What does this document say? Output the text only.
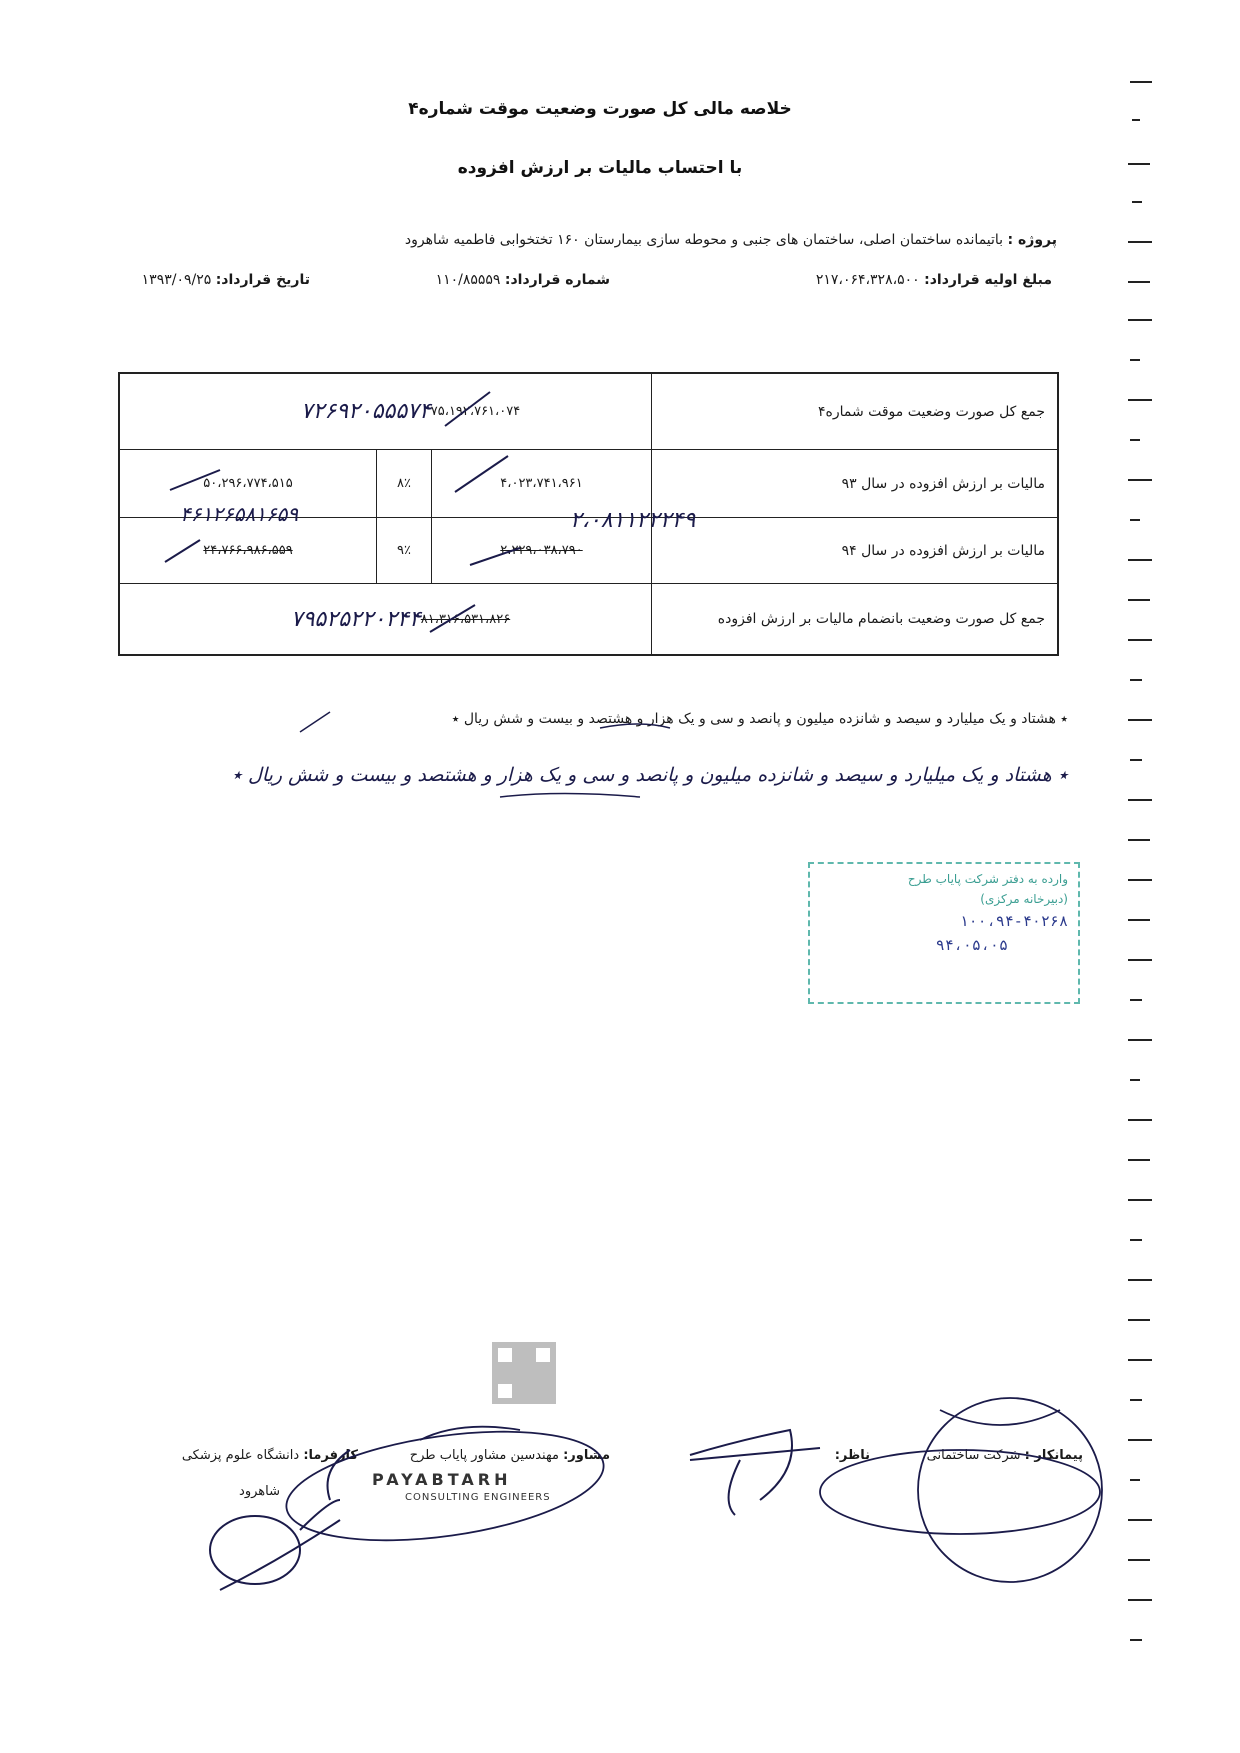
خلاصه مالی کل صورت وضعیت موقت شماره۴
با احتساب مالیات بر ارزش افزوده
پروژه : باتیمانده ساختمان اصلی، ساختمان های جنبی و محوطه سازی بیمارستان ۱۶۰ تختخوابی فاطمیه شاهرود
مبلغ اولیه قرارداد: ۲۱۷،۰۶۴،۳۲۸،۵۰۰
شماره قرارداد: ۱۱۰/۸۵۵۵۹
تاریخ قرارداد: ۱۳۹۳/۰۹/۲۵
جمع کل صورت وضعیت موقت شماره۴
۷۲۶۹۲۰۵۵۵۷۴ ۷۵،۱۹۲،۷۶۱،۰۷۴
مالیات بر ارزش افزوده در سال ۹۳
۴،۰۲۳،۷۴۱،۹۶۱
۸٪
۵۰،۲۹۶،۷۷۴،۵۱۵
مالیات بر ارزش افزوده در سال ۹۴
۲،۲۲۹،۰۳۸،۷۹۰
۹٪
۲۴،۷۶۶،۹۸۶،۵۵۹
۴۶۱۲۶۵۸۱۶۵۹	۲،۰۸۱۱۲۲۲۴۹
جمع کل صورت وضعیت بانضمام مالیات بر ارزش افزوده
۷۹۵۲۵۲۲۰۲۴۴ ۸۱،۳۱۶،۵۳۱،۸۲۶
٭ هشتاد و یک میلیارد و سیصد و شانزده میلیون و پانصد و سی و یک هزار و هشتصد و بیست و شش ریال ٭
٭ هشتاد و یک میلیارد و سیصد و شانزده میلیون و پانصد و سی و یک هزار و هشتصد و بیست و شش ریال ٭
وارده به دفتر شرکت پایاب طرح
(دبیرخانه مرکزی)
۱۰۰،۹۴-۴۰۲۶۸
۹۴،۰۵،۰۵
پیمانکار : شرکت ساختمانی
ناظر:
مشاور: مهندسین مشاور پایاب طرح
کارفرما: دانشگاه علوم پزشکی
شاهرود
PAYABTARH
CONSULTING ENGINEERS
